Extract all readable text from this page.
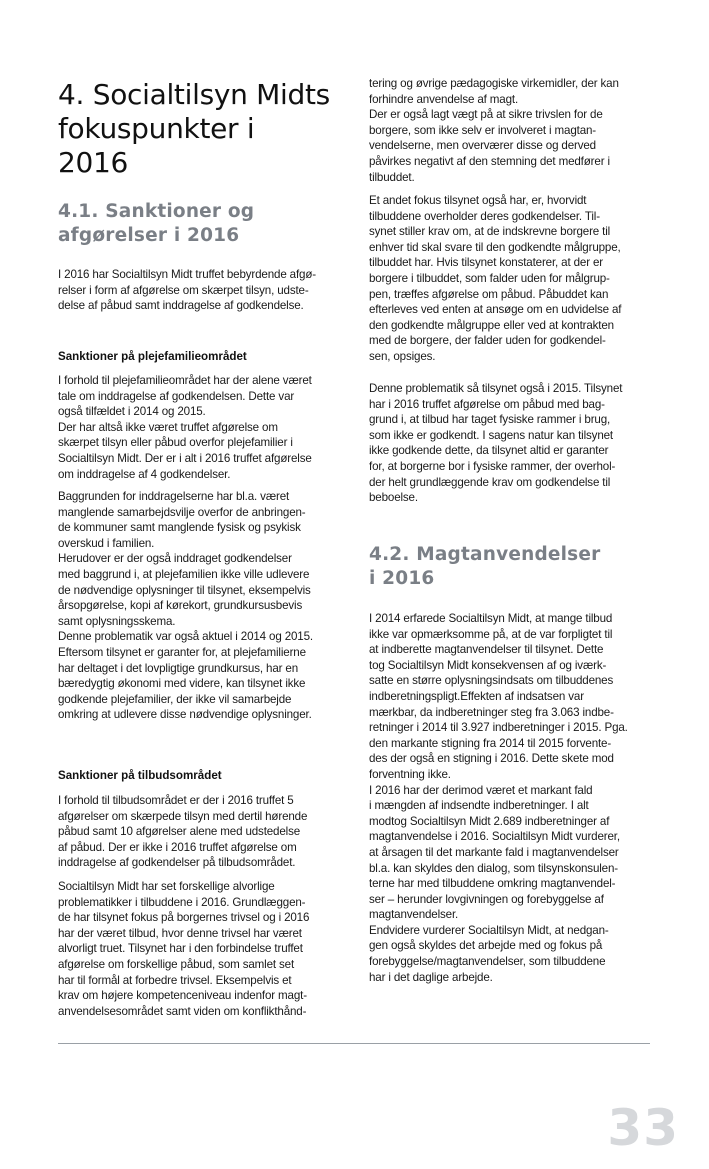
4. Socialtilsyn Midts
fokuspunkter i
2016
4.1. Sanktioner og
afgørelser i 2016
I 2016 har Socialtilsyn Midt truffet bebyrdende afgø-
relser i form af afgørelse om skærpet tilsyn, udste-
delse af påbud samt inddragelse af godkendelse.
Sanktioner på plejefamilieområdet
I forhold til plejefamilieområdet har der alene været
tale om inddragelse af godkendelsen. Dette var
også tilfældet i 2014 og 2015.
Der har altså ikke været truffet afgørelse om
skærpet tilsyn eller påbud overfor plejefamilier i
Socialtilsyn Midt. Der er i alt i 2016 truffet afgørelse
om inddragelse af 4 godkendelser.
Baggrunden for inddragelserne har bl.a. været
manglende samarbejdsvilje overfor de anbringen-
de kommuner samt manglende fysisk og psykisk
overskud i familien.
Herudover er der også inddraget godkendelser
med baggrund i, at plejefamilien ikke ville udlevere
de nødvendige oplysninger til tilsynet, eksempelvis
årsopgørelse, kopi af kørekort, grundkursusbevis
samt oplysningsskema.
Denne problematik var også aktuel i 2014 og 2015.
Eftersom tilsynet er garanter for, at plejefamilierne
har deltaget i det lovpligtige grundkursus, har en
bæredygtig økonomi med videre, kan tilsynet ikke
godkende plejefamilier, der ikke vil samarbejde
omkring at udlevere disse nødvendige oplysninger.
Sanktioner på tilbudsområdet
I forhold til tilbudsområdet er der i 2016 truffet 5
afgørelser om skærpede tilsyn med dertil hørende
påbud samt 10 afgørelser alene med udstedelse
af påbud. Der er ikke i 2016 truffet afgørelse om
inddragelse af godkendelser på tilbudsområdet.
Socialtilsyn Midt har set forskellige alvorlige
problematikker i tilbuddene i 2016. Grundlæggen-
de har tilsynet fokus på borgernes trivsel og i 2016
har der været tilbud, hvor denne trivsel har været
alvorligt truet. Tilsynet har i den forbindelse truffet
afgørelse om forskellige påbud, som samlet set
har til formål at forbedre trivsel. Eksempelvis et
krav om højere kompetenceniveau indenfor magt-
anvendelsesområdet samt viden om konflikthånd-
tering og øvrige pædagogiske virkemidler, der kan
forhindre anvendelse af magt.
Der er også lagt vægt på at sikre trivslen for de
borgere, som ikke selv er involveret i magtan-
vendelserne, men overværer disse og derved
påvirkes negativt af den stemning det medfører i
tilbuddet.
Et andet fokus tilsynet også har, er, hvorvidt
tilbuddene overholder deres godkendelser. Til-
synet stiller krav om, at de indskrevne borgere til
enhver tid skal svare til den godkendte målgruppe,
tilbuddet har. Hvis tilsynet konstaterer, at der er
borgere i tilbuddet, som falder uden for målgrup-
pen, træffes afgørelse om påbud. Påbuddet kan
efterleves ved enten at ansøge om en udvidelse af
den godkendte målgruppe eller ved at kontrakten
med de borgere, der falder uden for godkendel-
sen, opsiges.
Denne problematik så tilsynet også i 2015. Tilsynet
har i 2016 truffet afgørelse om påbud med bag-
grund i, at tilbud har taget fysiske rammer i brug,
som ikke er godkendt. I sagens natur kan tilsynet
ikke godkende dette, da tilsynet altid er garanter
for, at borgerne bor i fysiske rammer, der overhol-
der helt grundlæggende krav om godkendelse til
beboelse.
4.2. Magtanvendelser
i 2016
I 2014 erfarede Socialtilsyn Midt, at mange tilbud
ikke var opmærksomme på, at de var forpligtet til
at indberette magtanvendelser til tilsynet. Dette
tog Socialtilsyn Midt konsekvensen af og iværk-
satte en større oplysningsindsats om tilbuddenes
indberetningspligt.Effekten af indsatsen var
mærkbar, da indberetninger steg fra 3.063 indbe-
retninger i 2014 til 3.927 indberetninger i 2015. Pga.
den markante stigning fra 2014 til 2015 forvente-
des der også en stigning i 2016. Dette skete mod
forventning ikke.
I 2016 har der derimod været et markant fald
i mængden af indsendte indberetninger. I alt
modtog Socialtilsyn Midt 2.689 indberetninger af
magtanvendelse i 2016. Socialtilsyn Midt vurderer,
at årsagen til det markante fald i magtanvendelser
bl.a. kan skyldes den dialog, som tilsynskonsulen-
terne har med tilbuddene omkring magtanvendel-
ser – herunder lovgivningen og forebyggelse af
magtanvendelser.
Endvidere vurderer Socialtilsyn Midt, at nedgan-
gen også skyldes det arbejde med og fokus på
forebyggelse/magtanvendelser, som tilbuddene
har i det daglige arbejde.

33
